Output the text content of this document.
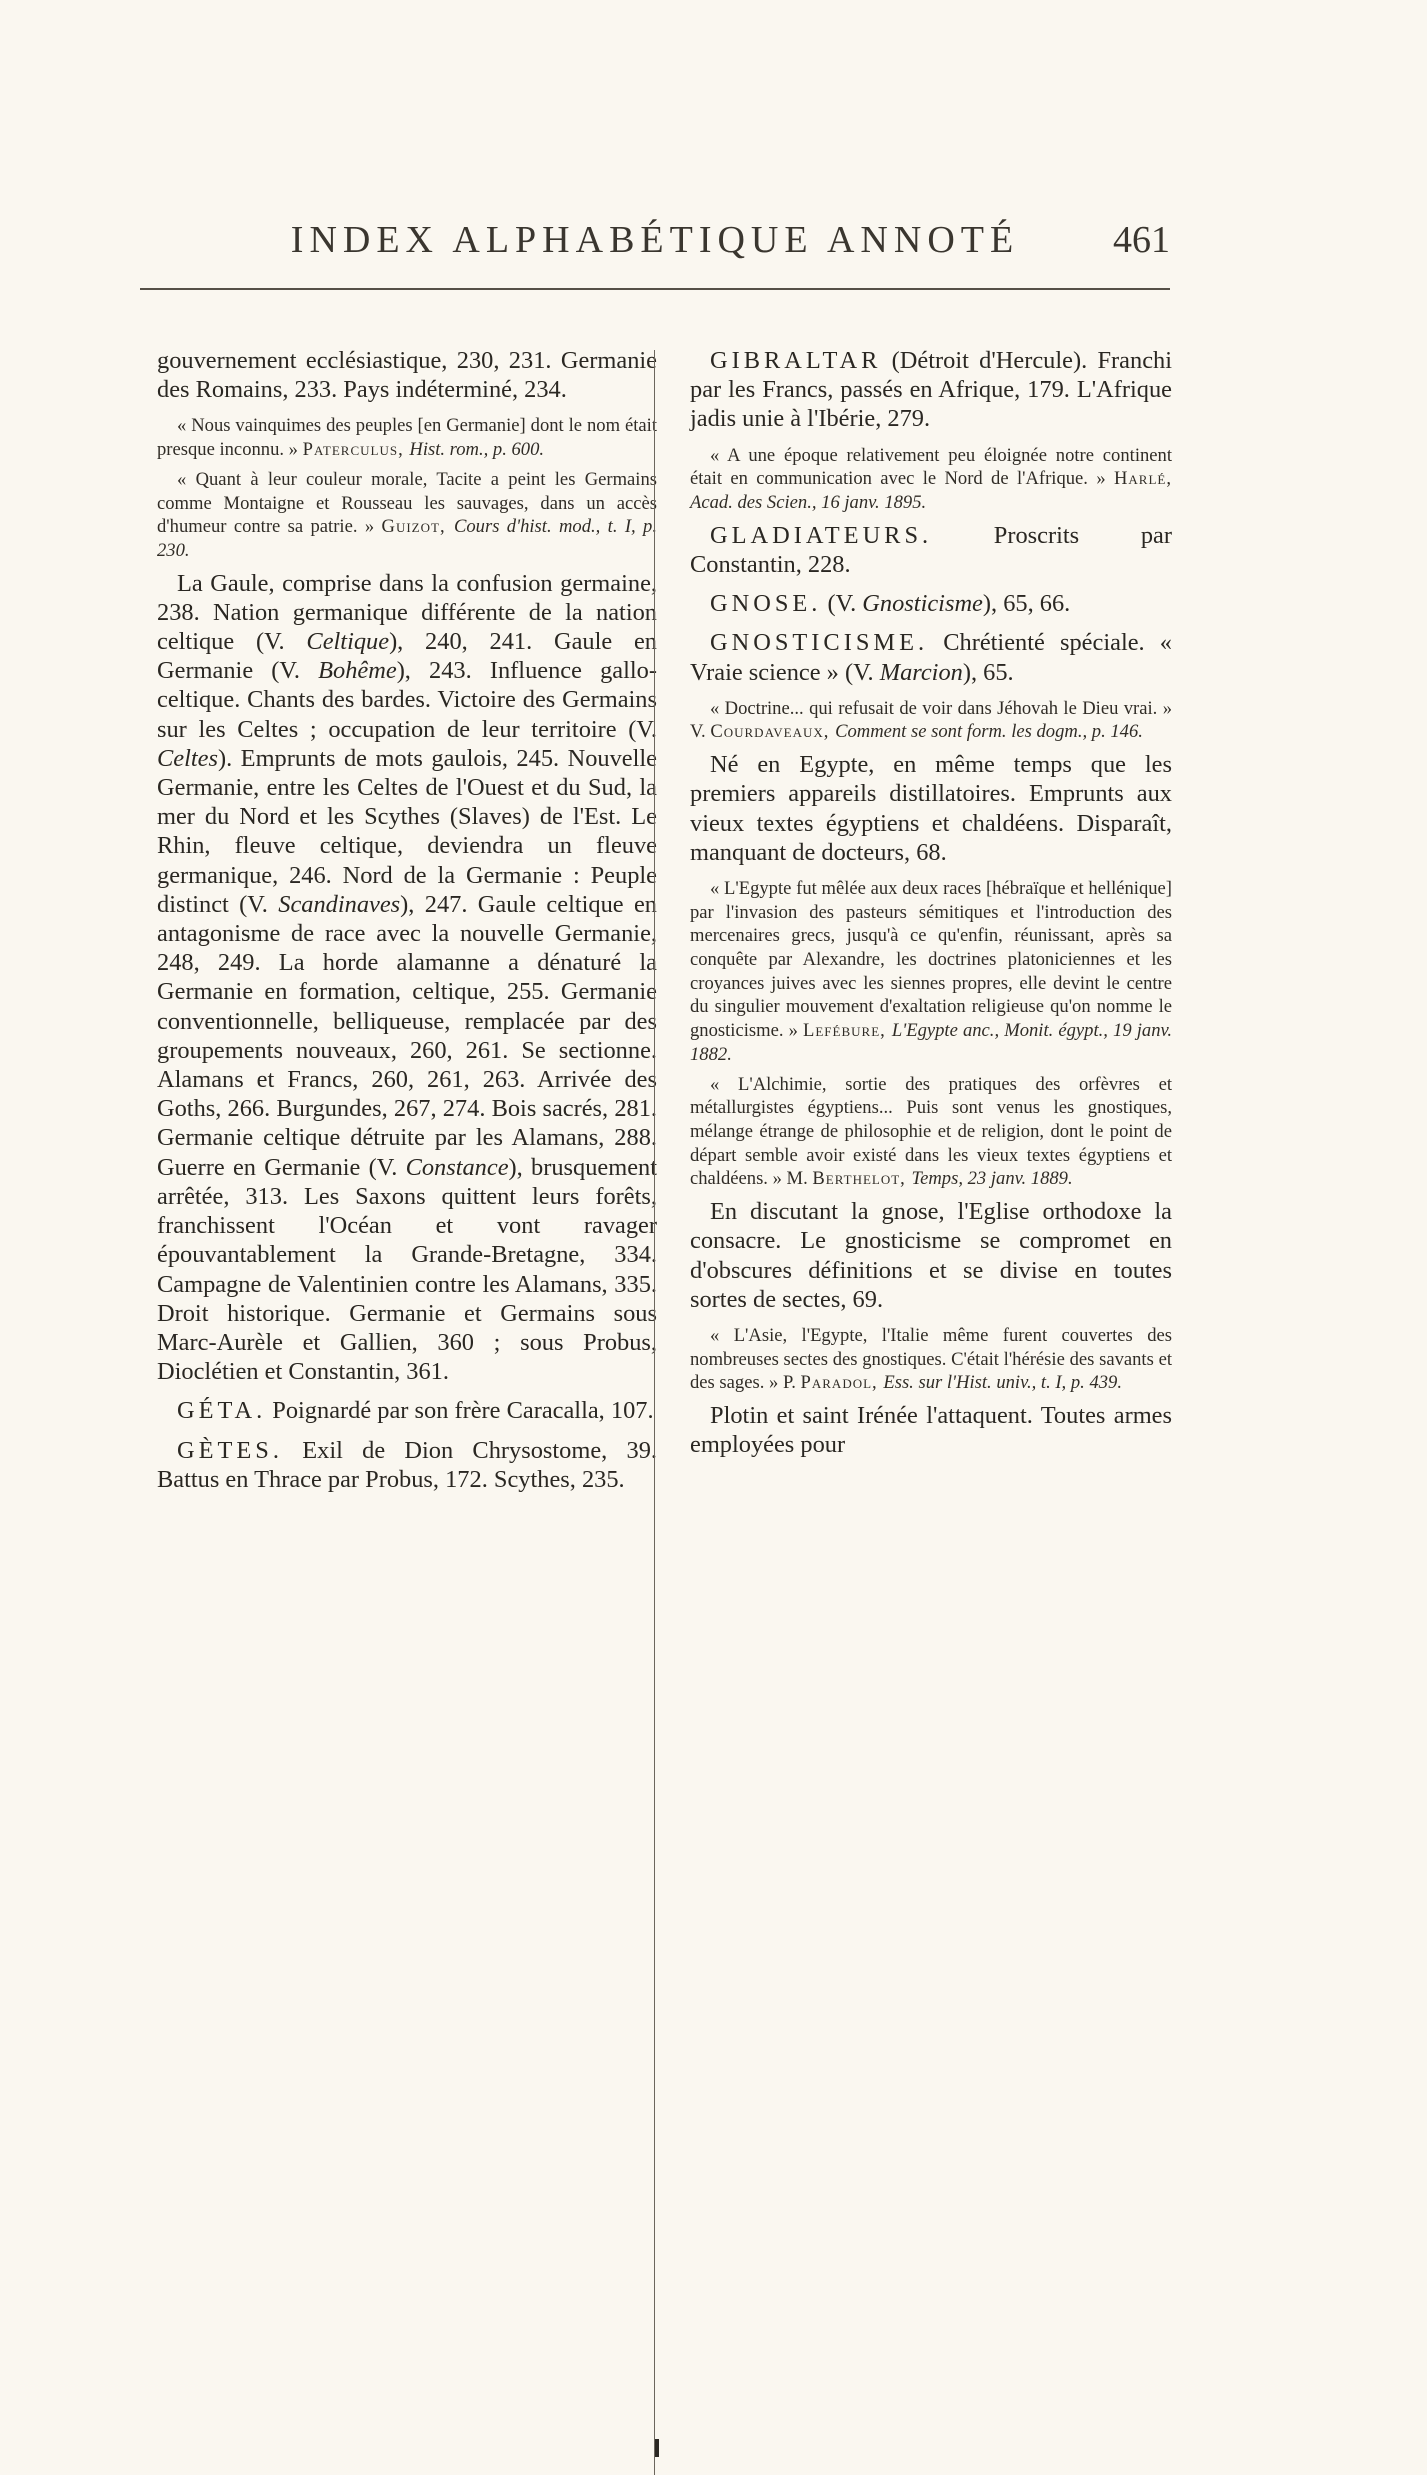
INDEX ALPHABÉTIQUE ANNOTÉ	461

gouvernement ecclésiastique, 230, 231. Germanie des Romains, 233. Pays indéterminé, 234.

« Nous vainquimes des peuples [en Germanie] dont le nom était presque inconnu. » Paterculus, Hist. rom., p. 600.

« Quant à leur couleur morale, Tacite a peint les Germains comme Montaigne et Rousseau les sauvages, dans un accès d'humeur contre sa patrie. » Guizot, Cours d'hist. mod., t. I, p. 230.

La Gaule, comprise dans la confusion germaine, 238. Nation germanique différente de la nation celtique (V. Celtique), 240, 241. Gaule en Germanie (V. Bohême), 243. Influence gallo-celtique. Chants des bardes. Victoire des Germains sur les Celtes ; occupation de leur territoire (V. Celtes). Emprunts de mots gaulois, 245. Nouvelle Germanie, entre les Celtes de l'Ouest et du Sud, la mer du Nord et les Scythes (Slaves) de l'Est. Le Rhin, fleuve celtique, deviendra un fleuve germanique, 246. Nord de la Germanie : Peuple distinct (V. Scandinaves), 247. Gaule celtique en antagonisme de race avec la nouvelle Germanie, 248, 249. La horde alamanne a dénaturé la Germanie en formation, celtique, 255. Germanie conventionnelle, belliqueuse, remplacée par des groupements nouveaux, 260, 261. Se sectionne. Alamans et Francs, 260, 261, 263. Arrivée des Goths, 266. Burgundes, 267, 274. Bois sacrés, 281. Germanie celtique détruite par les Alamans, 288. Guerre en Germanie (V. Constance), brusquement arrêtée, 313. Les Saxons quittent leurs forêts, franchissent l'Océan et vont ravager épouvantablement la Grande-Bretagne, 334. Campagne de Valentinien contre les Alamans, 335. Droit historique. Germanie et Germains sous Marc-Aurèle et Gallien, 360 ; sous Probus, Dioclétien et Constantin, 361.

GÉTA. Poignardé par son frère Caracalla, 107.

GÈTES. Exil de Dion Chrysostome, 39. Battus en Thrace par Probus, 172. Scythes, 235.

GIBRALTAR (Détroit d'Hercule). Franchi par les Francs, passés en Afrique, 179. L'Afrique jadis unie à l'Ibérie, 279.

« A une époque relativement peu éloignée notre continent était en communication avec le Nord de l'Afrique. » Harlé, Acad. des Scien., 16 janv. 1895.

GLADIATEURS. Proscrits par Constantin, 228.

GNOSE. (V. Gnosticisme), 65, 66.

GNOSTICISME. Chrétienté spéciale. « Vraie science » (V. Marcion), 65.

« Doctrine... qui refusait de voir dans Jéhovah le Dieu vrai. » V. Courdaveaux, Comment se sont form. les dogm., p. 146.

Né en Egypte, en même temps que les premiers appareils distillatoires. Emprunts aux vieux textes égyptiens et chaldéens. Disparaît, manquant de docteurs, 68.

« L'Egypte fut mêlée aux deux races [hébraïque et hellénique] par l'invasion des pasteurs sémitiques et l'introduction des mercenaires grecs, jusqu'à ce qu'enfin, réunissant, après sa conquête par Alexandre, les doctrines platoniciennes et les croyances juives avec les siennes propres, elle devint le centre du singulier mouvement d'exaltation religieuse qu'on nomme le gnosticisme. » Lefébure, L'Egypte anc., Monit. égypt., 19 janv. 1882.

« L'Alchimie, sortie des pratiques des orfèvres et métallurgistes égyptiens... Puis sont venus les gnostiques, mélange étrange de philosophie et de religion, dont le point de départ semble avoir existé dans les vieux textes égyptiens et chaldéens. » M. Berthelot, Temps, 23 janv. 1889.

En discutant la gnose, l'Eglise orthodoxe la consacre. Le gnosticisme se compromet en d'obscures définitions et se divise en toutes sortes de sectes, 69.

« L'Asie, l'Egypte, l'Italie même furent couvertes des nombreuses sectes des gnostiques. C'était l'hérésie des savants et des sages. » P. Paradol, Ess. sur l'Hist. univ., t. I, p. 439.

Plotin et saint Irénée l'attaquent. Toutes armes employées pour
